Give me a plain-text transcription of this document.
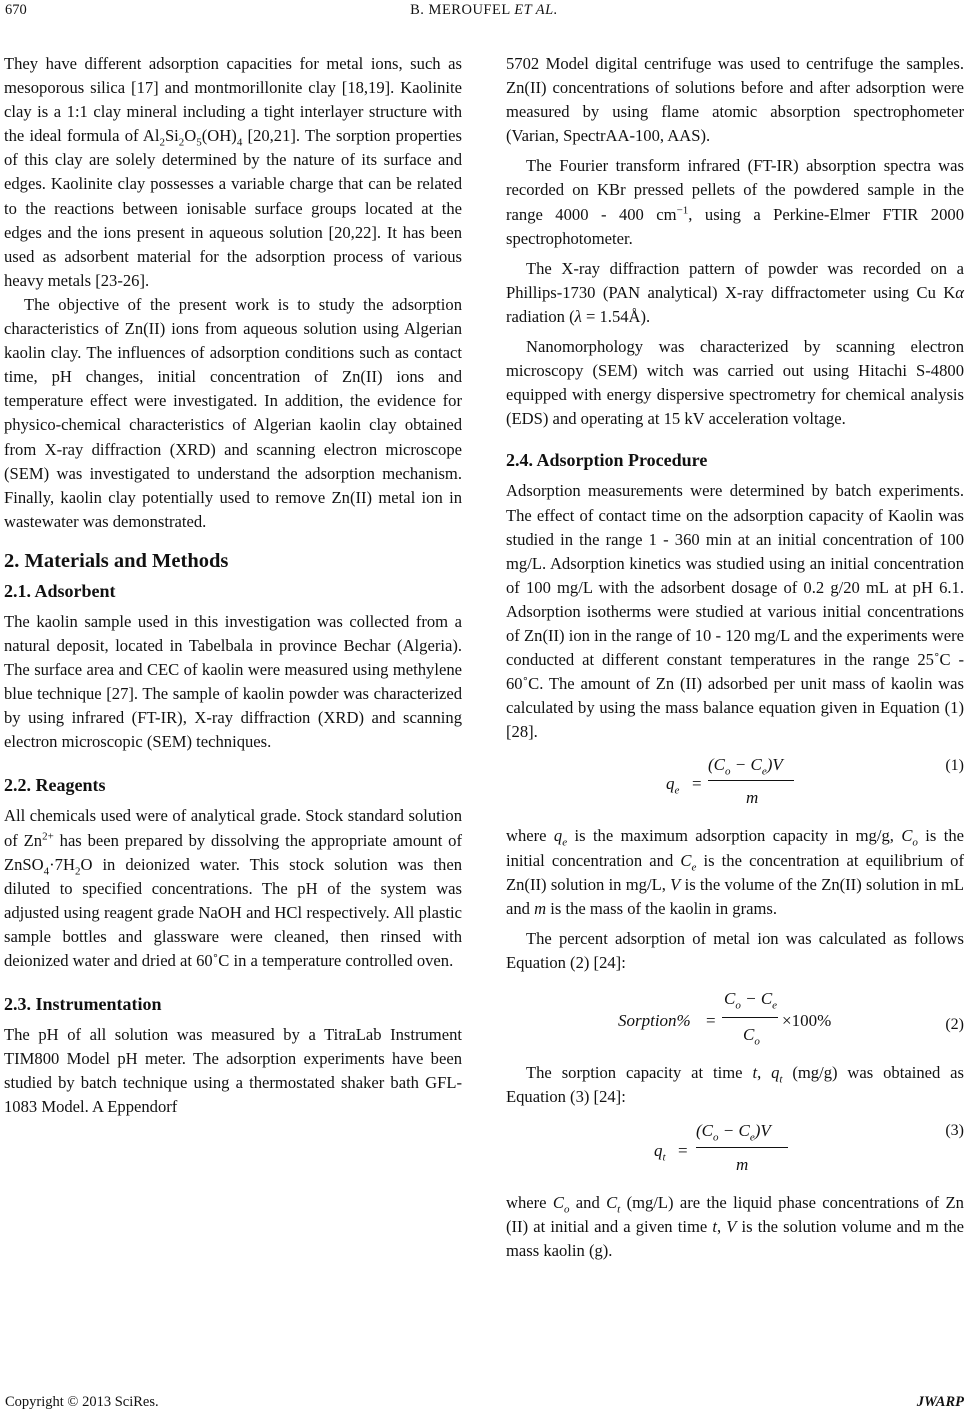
670	B. MEROUFEL ET AL.

They have different adsorption capacities for metal ions, such as mesoporous silica [17] and montmorillonite clay [18,19]. Kaolinite clay is a 1:1 clay mineral including a tight interlayer structure with the ideal formula of $Al_2Si_2O_5(OH)_4$ [20,21]. The sorption properties of this clay are solely determined by the nature of its surface and edges. Kaolinite clay possesses a variable charge that can be related to the reactions between ionisable surface groups located at the edges and the ions present in aqueous solution [20,22]. It has been used as adsorbent material for the adsorption process of various heavy metals [23-26].

The objective of the present work is to study the adsorption characteristics of Zn(II) ions from aqueous solution using Algerian kaolin clay. The influences of adsorption conditions such as contact time, pH changes, initial concentration of Zn(II) ions and temperature effect were investigated. In addition, the evidence for physico-chemical characteristics of Algerian kaolin clay obtained from X-ray diffraction (XRD) and scanning electron microscope (SEM) was investigated to understand the adsorption mechanism. Finally, kaolin clay potentially used to remove Zn(II) metal ion in wastewater was demonstrated.

2. Materials and Methods
2.1. Adsorbent

The kaolin sample used in this investigation was collected from a natural deposit, located in Tabelbala in province Bechar (Algeria). The surface area and CEC of kaolin were measured using methylene blue technique [27]. The sample of kaolin powder was characterized by using infrared (FT-IR), X-ray diffraction (XRD) and scanning electron microscopic (SEM) techniques.

2.2. Reagents

All chemicals used were of analytical grade. Stock standard solution of $Zn^{2+}$ has been prepared by dissolving the appropriate amount of $ZnSO_4\cdot 7H_2O$ in deionized water. This stock solution was then diluted to specified concentrations. The pH of the system was adjusted using reagent grade NaOH and HCl respectively. All plastic sample bottles and glassware were cleaned, then rinsed with deionized water and dried at 60˚C in a temperature controlled oven.

2.3. Instrumentation

The pH of all solution was measured by a TitraLab Instrument TIM800 Model pH meter. The adsorption experiments have been studied by batch technique using a thermostated shaker bath GFL-1083 Model. A Eppendorf

5702 Model digital centrifuge was used to centrifuge the samples. Zn(II) concentrations of solutions before and after adsorption were measured by using flame atomic absorption spectrophometer (Varian, SpectrAA-100, AAS).

The Fourier transform infrared (FT-IR) absorption spectra was recorded on KBr pressed pellets of the powdered sample in the range 4000 - 400 $cm^{-1}$, using a Perkine-Elmer FTIR 2000 spectrophotometer.

The X-ray diffraction pattern of powder was recorded on a Phillips-1730 (PAN analytical) X-ray diffractometer using Cu Kα radiation (λ = 1.54Å).

Nanomorphology was characterized by scanning electron microscopy (SEM) witch was carried out using Hitachi S-4800 equipped with energy dispersive spectrometry for chemical analysis (EDS) and operating at 15 kV acceleration voltage.

2.4. Adsorption Procedure

Adsorption measurements were determined by batch experiments. The effect of contact time on the adsorption capacity of Kaolin was studied in the range 1 - 360 min at an initial concentration of 100 mg/L. Adsorption kinetics was studied using an initial concentration of 100 mg/L with the adsorbent dosage of 0.2 g/20 mL at pH 6.1. Adsorption isotherms were studied at various initial concentrations of Zn(II) ion in the range of 10 - 120 mg/L and the experiments were conducted at different constant temperatures in the range 25˚C - 60˚C. The amount of Zn (II) adsorbed per unit mass of kaolin was calculated by using the mass balance equation given in Equation (1) [28].

$q_e$ =
$(C_o - C_e)V$
m
(1)

where $q_e$ is the maximum adsorption capacity in mg/g, $C_o$ is the initial concentration and $C_e$ is the concentration at equilibrium of Zn(II) solution in mg/L, V is the volume of the Zn(II) solution in mL and m is the mass of the kaolin in grams.

The percent adsorption of metal ion was calculated as follows Equation (2) [24]:

Sorption% =
$C_o - C_e$
$C_o$
×100%	(2)

The sorption capacity at time t, $q_t$ (mg/g) was obtained as Equation (3) [24]:

$q_t$ =
$(C_o - C_e)V$
m
(3)

where $C_o$ and $C_t$ (mg/L) are the liquid phase concentrations of Zn (II) at initial and a given time t, V is the solution volume and m the mass kaolin (g).

Copyright © 2013 SciRes.	JWARP
